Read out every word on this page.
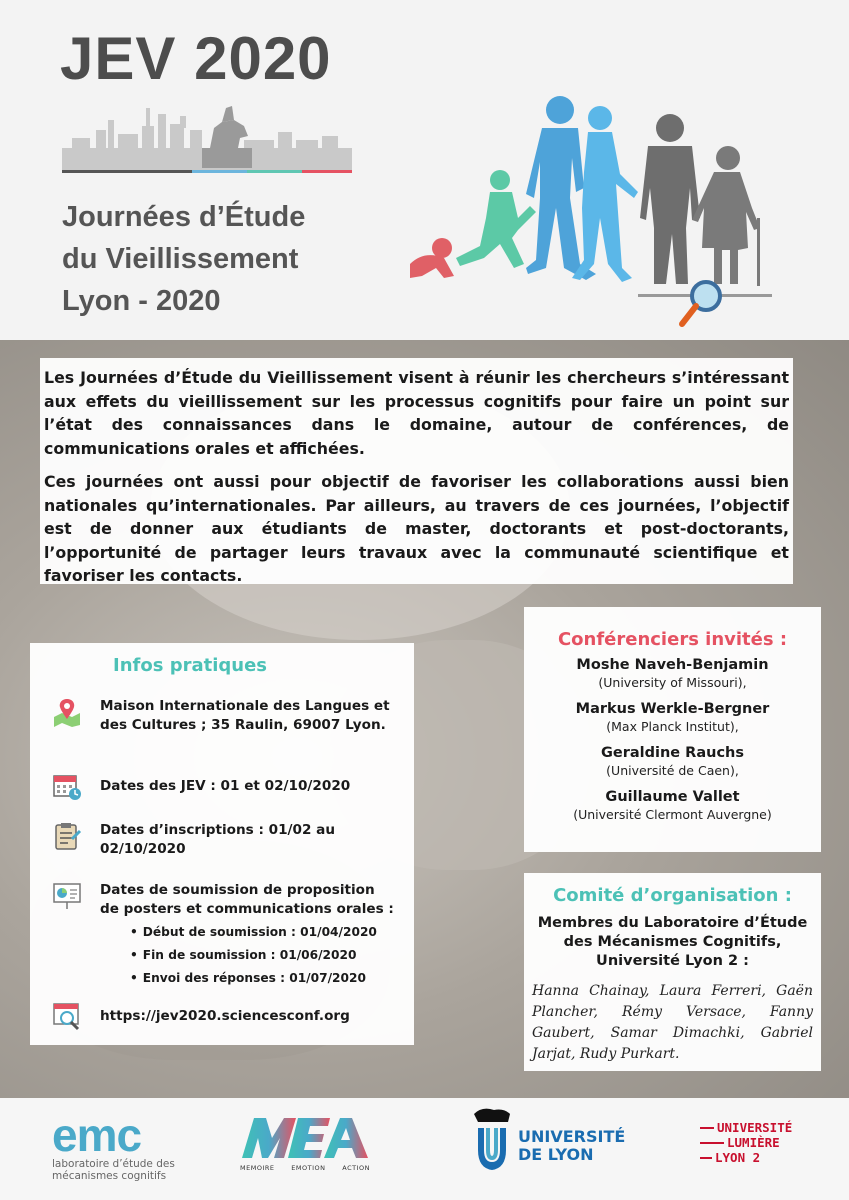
JEV 2020
Journées d’Étude
du Vieillissement
Lyon - 2020

Les Journées d’Étude du Vieillissement visent à réunir les chercheurs s’intéressant aux effets du vieillissement sur les processus cognitifs pour faire un point sur l’état des connaissances dans le domaine, autour de conférences, de communications orales et affichées.

Ces journées ont aussi pour objectif de favoriser les collaborations aussi bien nationales qu’internationales. Par ailleurs, au travers de ces journées, l’objectif est de donner aux étudiants de master, doctorants et post-doctorants, l’opportunité de partager leurs travaux avec la communauté scientifique et favoriser les contacts.

Infos pratiques
Maison Internationale des Langues et des Cultures ; 35 Raulin, 69007 Lyon.
Dates des JEV : 01 et 02/10/2020
Dates d’inscriptions : 01/02 au 02/10/2020
Dates de soumission de proposition de posters et communications orales :
• Début de soumission : 01/04/2020
• Fin de soumission : 01/06/2020
• Envoi des réponses : 01/07/2020
https://jev2020.sciencesconf.org
Conférenciers invités :
Moshe Naveh-Benjamin
(University of Missouri),
Markus Werkle-Bergner
(Max Planck Institut),
Geraldine Rauchs
(Université de Caen),
Guillaume Vallet
(Université Clermont Auvergne)
Comité d’organisation :
Membres du Laboratoire d’Étude des Mécanismes Cognitifs, Université Lyon 2 :
Hanna Chainay, Laura Ferreri, Gaën Plancher, Rémy Versace, Fanny Gaubert, Samar Dimachki, Gabriel Jarjat, Rudy Purkart.
emc
laboratoire d’étude des
mécanismes cognitifs
MEMOIRE	EMOTION	ACTION
UNIVERSITÉ
DE LYON
UNIVERSITÉ
LUMIÈRE
LYON 2
